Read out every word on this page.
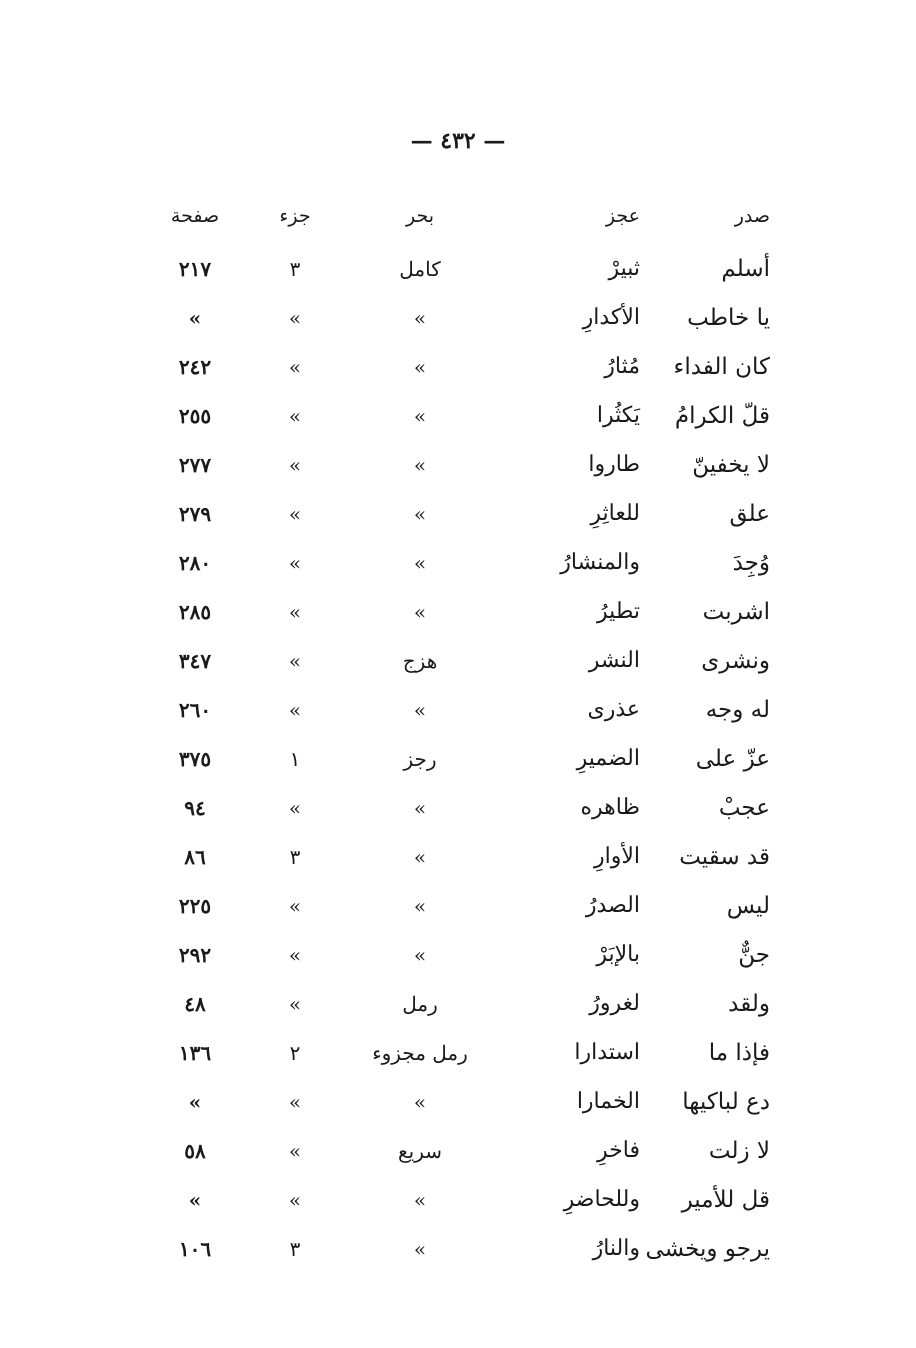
— ٤٣٢ —
صدر	عجز	بحر	جزء	صفحة
أسلم	ثبيرْ	كامل	٣	٢١٧
يا خاطب	الأكدارِ	»	»	»
كان الفداء	مُثارُ	»	»	٢٤٢
قلّ الكرامُ	يَكثُرا	»	»	٢٥٥
لا يخفينّ	طاروا	»	»	٢٧٧
علق	للعاثِرِ	»	»	٢٧٩
وُجِدَ	والمنشارُ	»	»	٢٨٠
اشربت	تطيرُ	»	»	٢٨٥
ونشرى	النشر	هزج	»	٣٤٧
له وجه	عذرى	»	»	٢٦٠
عزّ على	الضميرِ	رجز	١	٣٧٥
عجبْ	ظاهره	»	»	٩٤
قد سقيت	الأوارِ	»	٣	٨٦
ليس	الصدرُ	»	»	٢٢٥
جنٌّ	بالإبَرْ	»	»	٢٩٢
ولقد	لغرورُ	رمل	»	٤٨
فإذا ما	استدارا	رمل مجزوء	٢	١٣٦
دع لباكيها	الخمارا	»	»	»
لا زلت	فاخرِ	سريع	»	٥٨
قل للأمير	وللحاضرِ	»	»	»
يرجو ويخشى	والنارُ	»	٣	١٠٦
